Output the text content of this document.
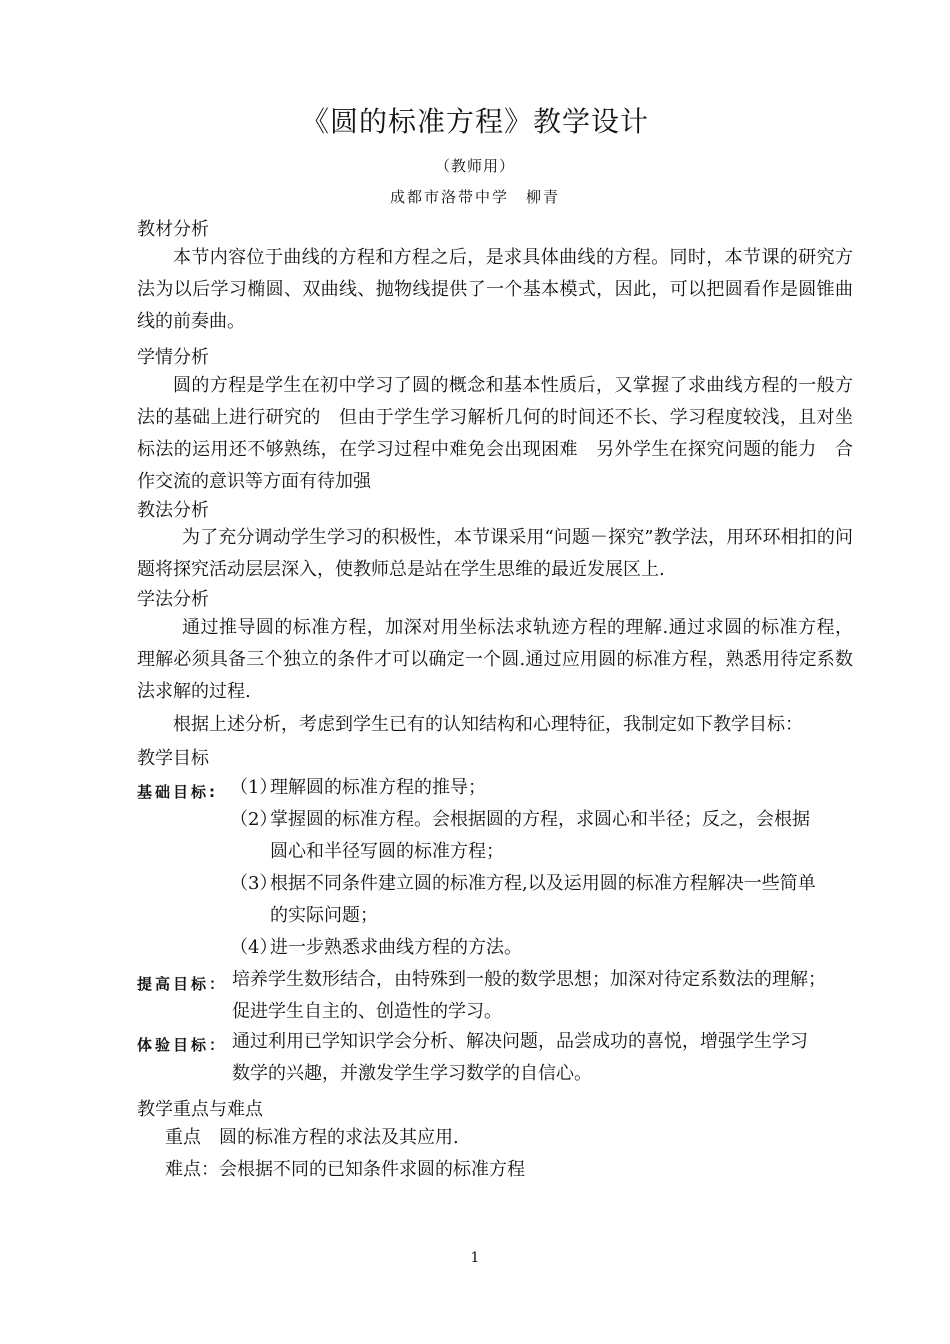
《圆的标准方程》教学设计
（教师用）
成都市洛带中学　柳青
教材分析
本节内容位于曲线的方程和方程之后，是求具体曲线的方程。同时，本节课的研究方法为以后学习椭圆、双曲线、抛物线提供了一个基本模式，因此，可以把圆看作是圆锥曲线的前奏曲。
学情分析
圆的方程是学生在初中学习了圆的概念和基本性质后，又掌握了求曲线方程的一般方法的基础上进行研究的　但由于学生学习解析几何的时间还不长、学习程度较浅，且对坐标法的运用还不够熟练，在学习过程中难免会出现困难　另外学生在探究问题的能力　合作交流的意识等方面有待加强
教法分析
为了充分调动学生学习的积极性，本节课采用“问题－探究”教学法，用环环相扣的问题将探究活动层层深入，使教师总是站在学生思维的最近发展区上.
学法分析
通过推导圆的标准方程，加深对用坐标法求轨迹方程的理解.通过求圆的标准方程，理解必须具备三个独立的条件才可以确定一个圆.通过应用圆的标准方程，熟悉用待定系数法求解的过程.
根据上述分析，考虑到学生已有的认知结构和心理特征，我制定如下教学目标：
教学目标
基础目标: （1）理解圆的标准方程的推导；
（2）掌握圆的标准方程。会根据圆的方程，求圆心和半径；反之，会根据
圆心和半径写圆的标准方程；
（3）根据不同条件建立圆的标准方程,以及运用圆的标准方程解决一些简单
的实际问题；
（4）进一步熟悉求曲线方程的方法。
提高目标： 培养学生数形结合，由特殊到一般的数学思想；加深对待定系数法的理解；
促进学生自主的、创造性的学习。
体验目标： 通过利用已学知识学会分析、解决问题，品尝成功的喜悦，增强学生学习
数学的兴趣，并激发学生学习数学的自信心。
教学重点与难点
重点　圆的标准方程的求法及其应用.
难点：会根据不同的已知条件求圆的标准方程
1
